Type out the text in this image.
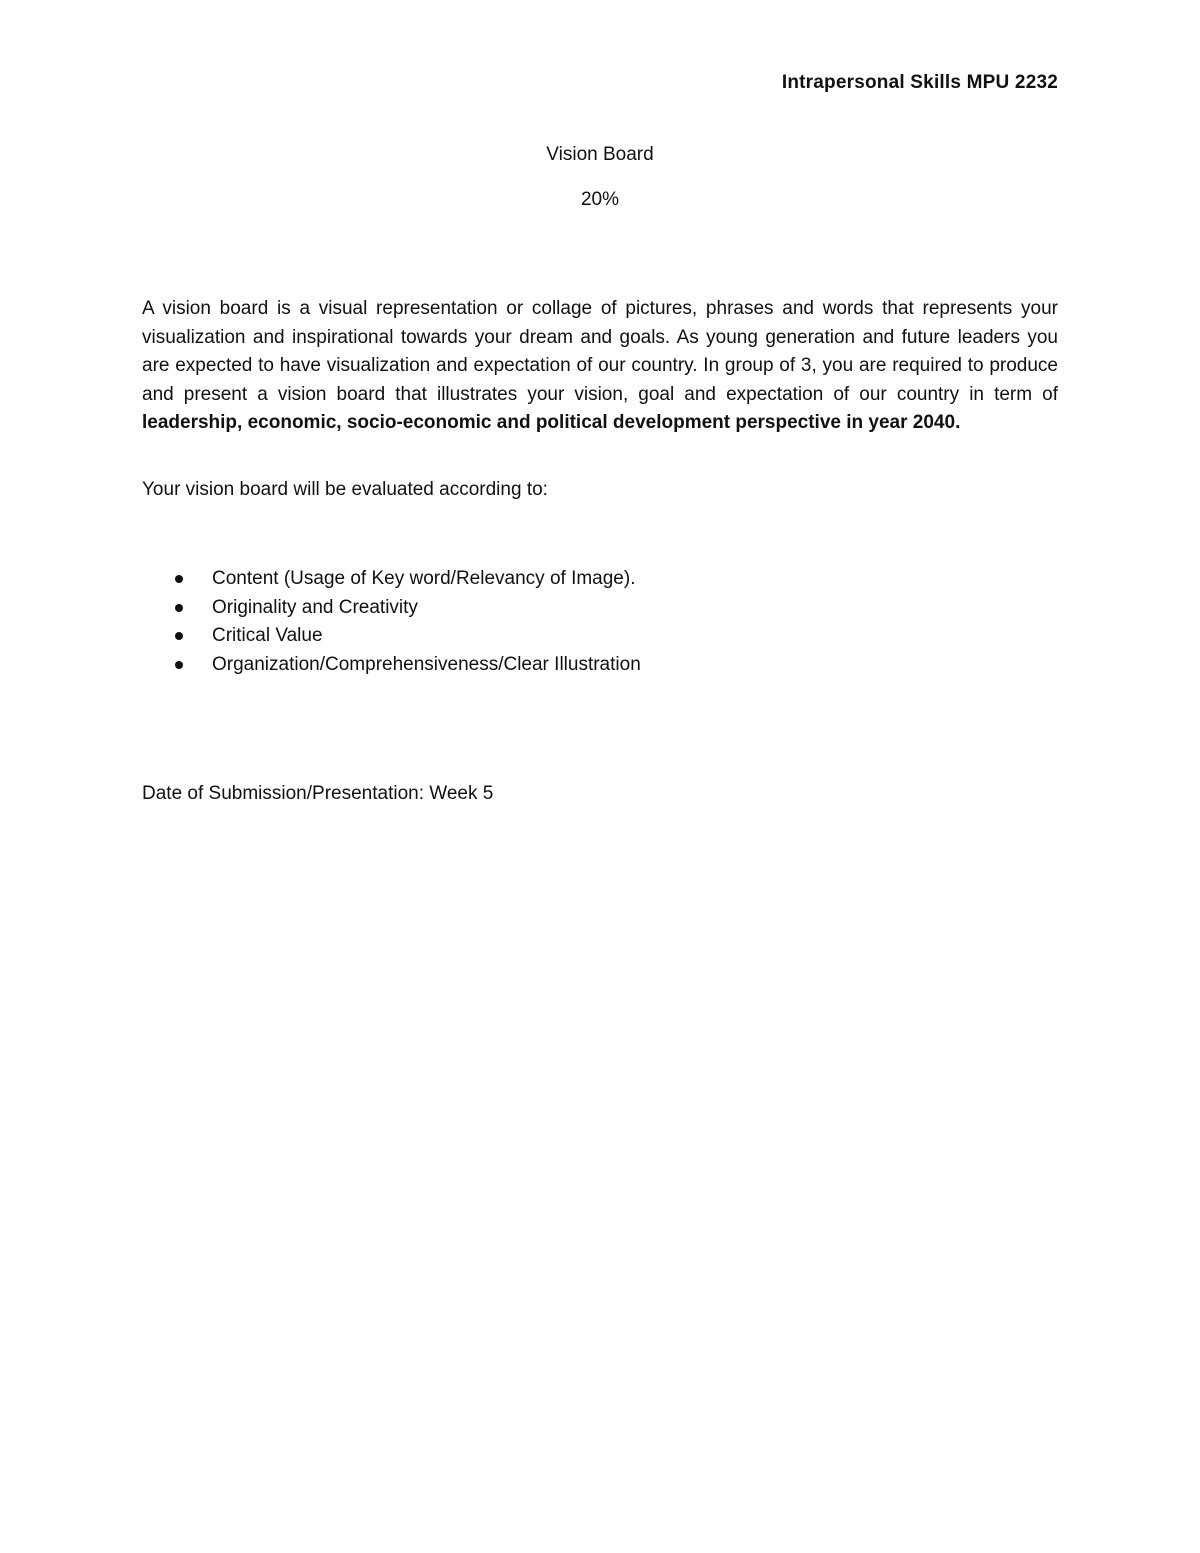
Intrapersonal Skills MPU 2232
Vision Board
20%

A vision board is a visual representation or collage of pictures, phrases and words that represents your visualization and inspirational towards your dream and goals. As young generation and future leaders you are expected to have visualization and expectation of our country. In group of 3, you are required to produce and present a vision board that illustrates your vision, goal and expectation of our country in term of leadership, economic, socio-economic and political development perspective in year 2040.

Your vision board will be evaluated according to:
Content (Usage of Key word/Relevancy of Image).
Originality and Creativity
Critical Value
Organization/Comprehensiveness/Clear Illustration
Date of Submission/Presentation: Week 5
